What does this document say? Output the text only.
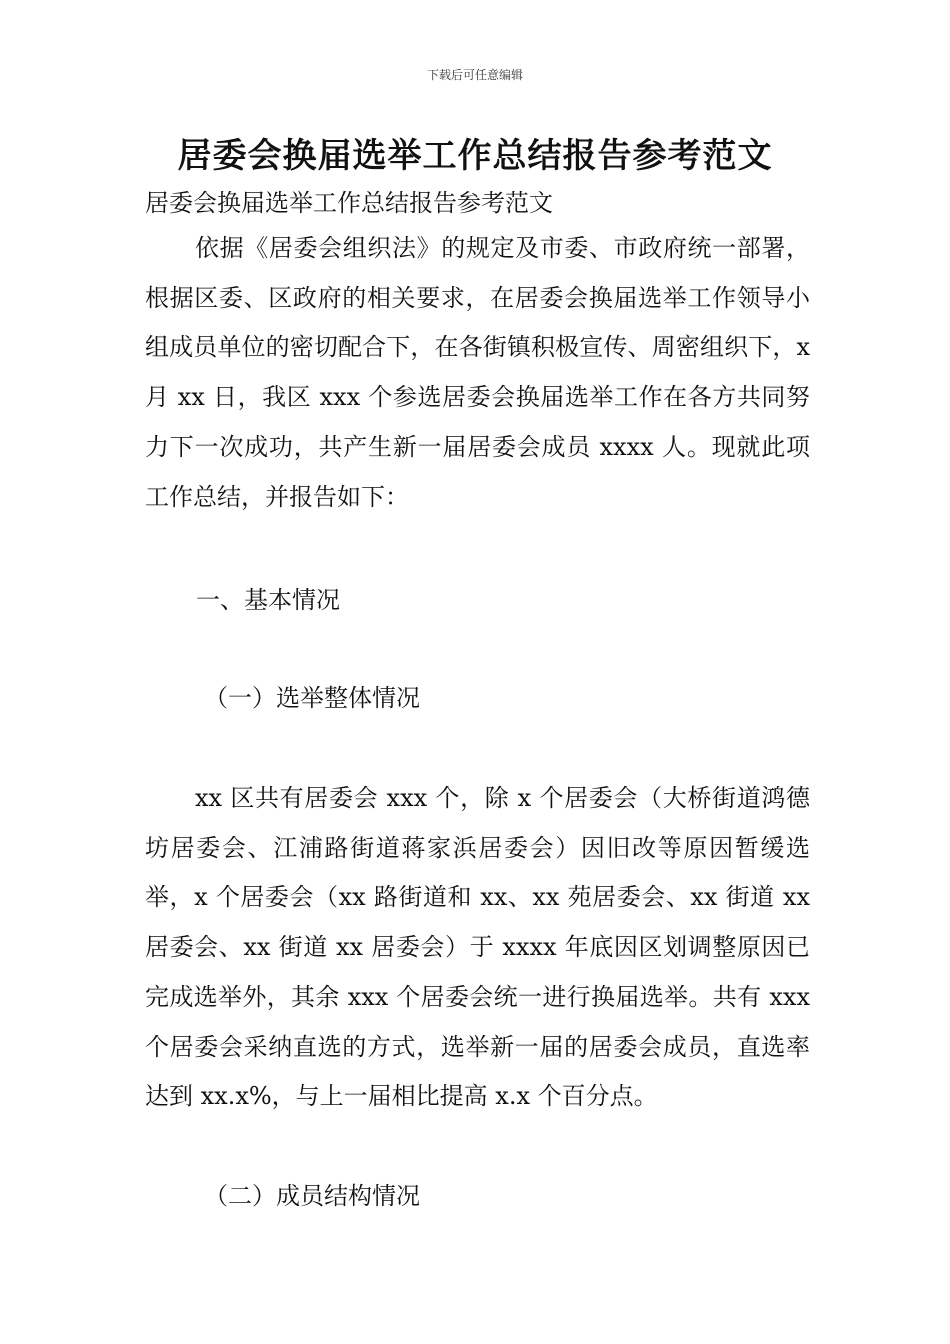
下载后可任意编辑
居委会换届选举工作总结报告参考范文

居委会换届选举工作总结报告参考范文

依据《居委会组织法》的规定及市委、市政府统一部署，根据区委、区政府的相关要求，在居委会换届选举工作领导小组成员单位的密切配合下，在各街镇积极宣传、周密组织下，x 月 xx 日，我区 xxx 个参选居委会换届选举工作在各方共同努力下一次成功，共产生新一届居委会成员 xxxx 人。现就此项工作总结，并报告如下：

一、基本情况

（一）选举整体情况

xx 区共有居委会 xxx 个，除 x 个居委会（大桥街道鸿德坊居委会、江浦路街道蒋家浜居委会）因旧改等原因暂缓选举，x 个居委会（xx 路街道和 xx、xx 苑居委会、xx 街道 xx 居委会、xx 街道 xx 居委会）于 xxxx 年底因区划调整原因已完成选举外，其余 xxx 个居委会统一进行换届选举。共有 xxx 个居委会采纳直选的方式，选举新一届的居委会成员，直选率达到 xx.x%，与上一届相比提高 x.x 个百分点。

（二）成员结构情况
